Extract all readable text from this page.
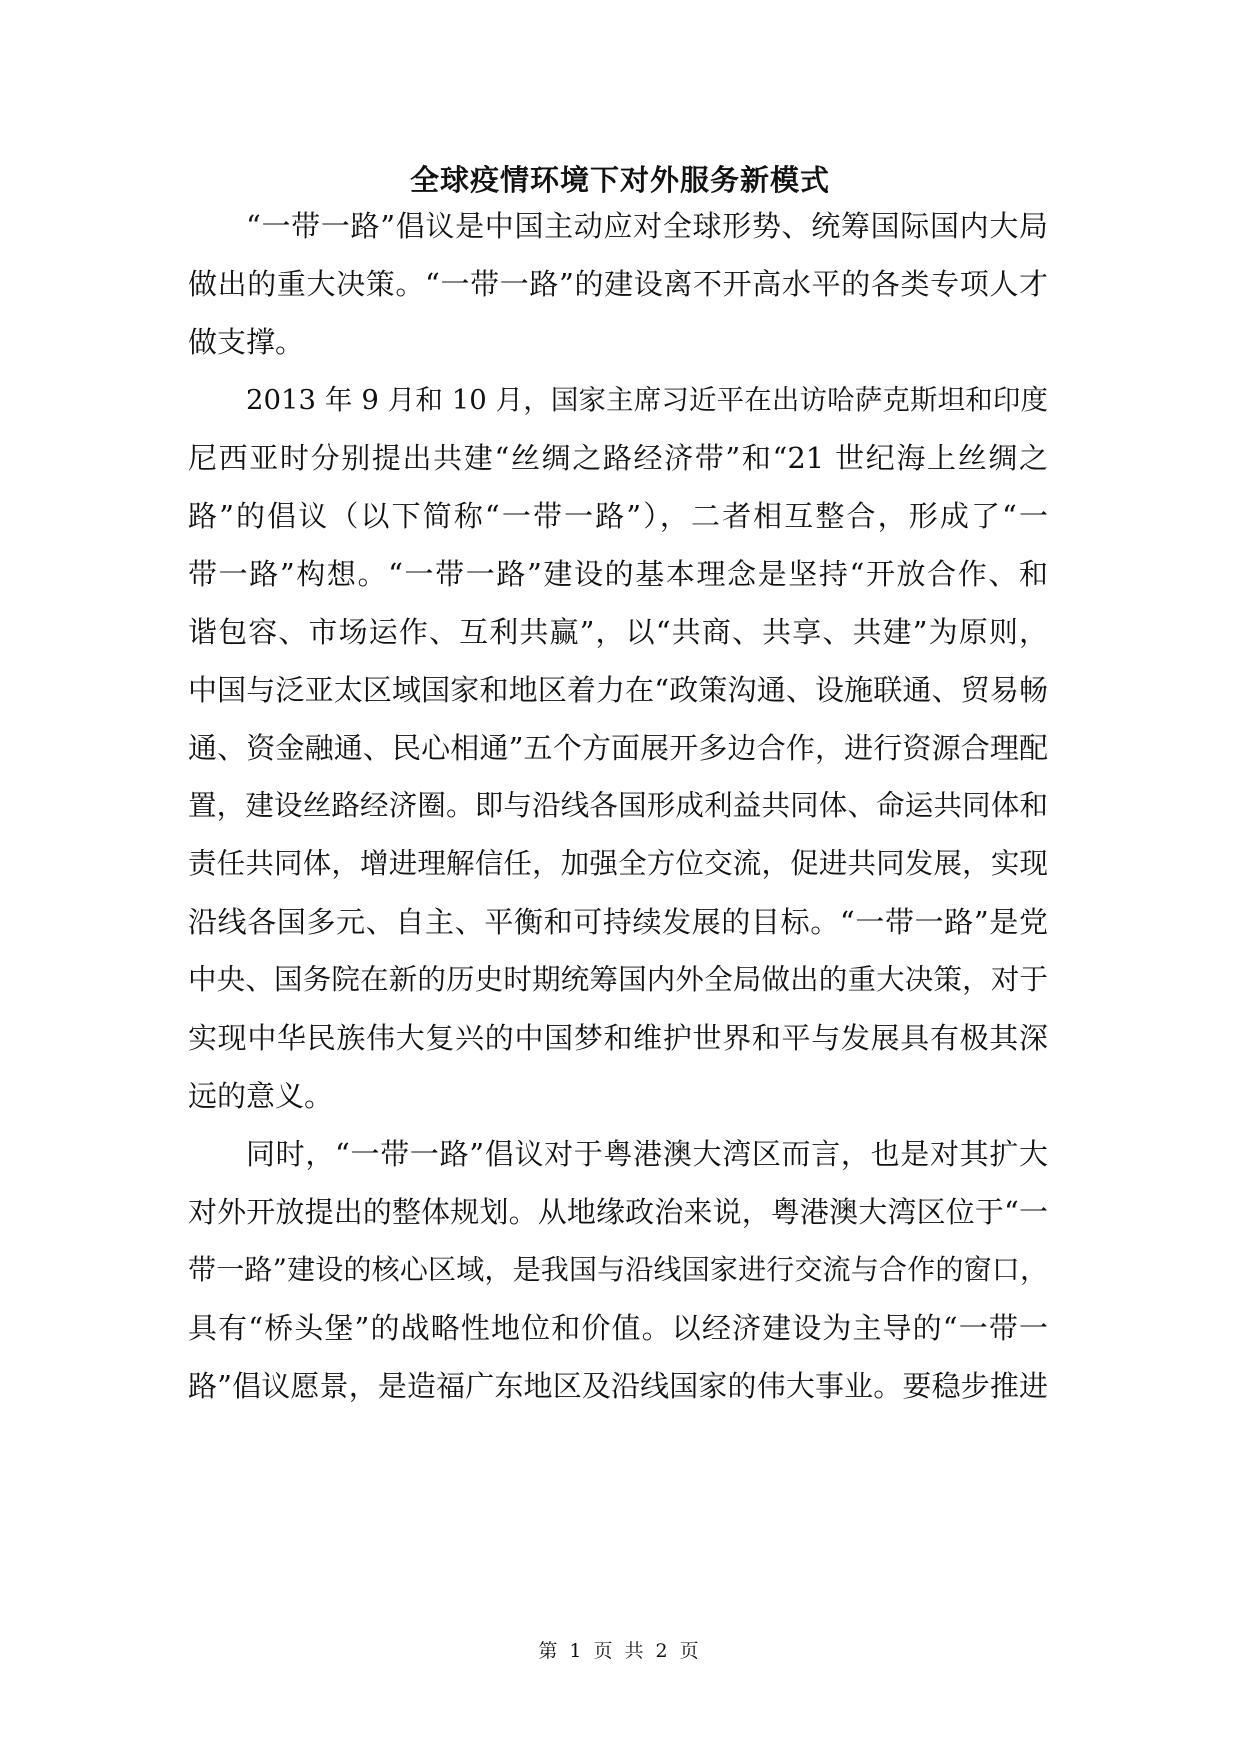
全球疫情环境下对外服务新模式
“一带一路”倡议是中国主动应对全球形势、统筹国际国内大局
做出的重大决策。“一带一路”的建设离不开高水平的各类专项人才
做支撑。
2013 年 9 月和 10 月，国家主席习近平在出访哈萨克斯坦和印度
尼西亚时分别提出共建“丝绸之路经济带”和“21 世纪海上丝绸之
路”的倡议（以下简称“一带一路”），二者相互整合，形成了“一
带一路”构想。“一带一路”建设的基本理念是坚持“开放合作、和
谐包容、市场运作、互利共赢”，以“共商、共享、共建”为原则，
中国与泛亚太区域国家和地区着力在“政策沟通、设施联通、贸易畅
通、资金融通、民心相通”五个方面展开多边合作，进行资源合理配
置，建设丝路经济圈。即与沿线各国形成利益共同体、命运共同体和
责任共同体，增进理解信任，加强全方位交流，促进共同发展，实现
沿线各国多元、自主、平衡和可持续发展的目标。“一带一路”是党
中央、国务院在新的历史时期统筹国内外全局做出的重大决策，对于
实现中华民族伟大复兴的中国梦和维护世界和平与发展具有极其深
远的意义。
同时，“一带一路”倡议对于粤港澳大湾区而言，也是对其扩大
对外开放提出的整体规划。从地缘政治来说，粤港澳大湾区位于“一
带一路”建设的核心区域，是我国与沿线国家进行交流与合作的窗口，
具有“桥头堡”的战略性地位和价值。以经济建设为主导的“一带一
路”倡议愿景，是造福广东地区及沿线国家的伟大事业。要稳步推进
第 1 页 共 2 页
